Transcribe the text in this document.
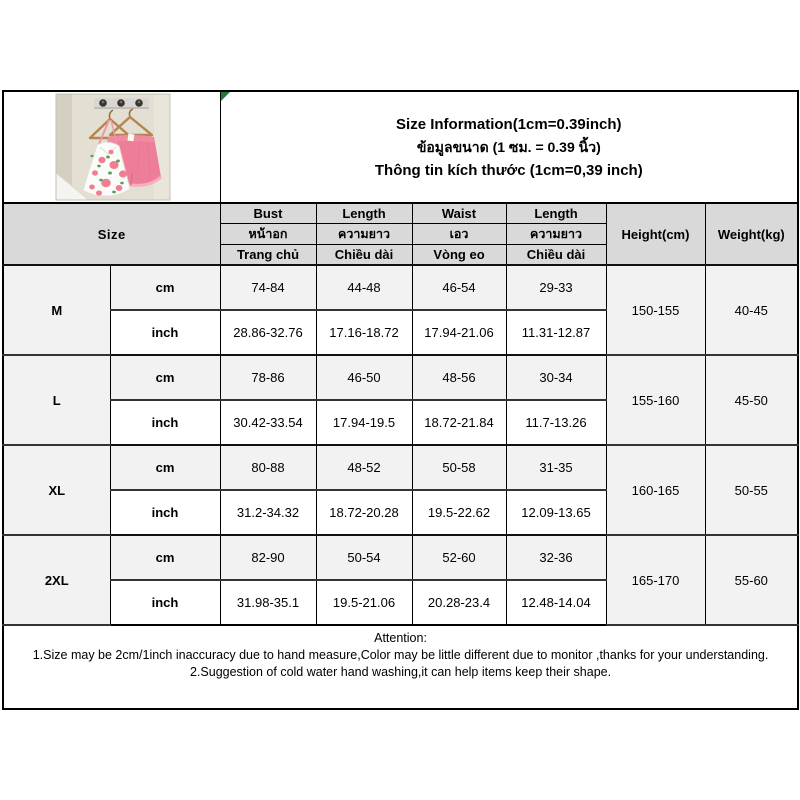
Size Information(1cm=0.39inch)
ข้อมูลขนาด (1 ซม. = 0.39 นิ้ว)
Thông tin kích thước (1cm=0,39 inch)					

Size		Bust	Length	Waist	Length	Height(cm)	Weight(kg)
		หน้าอก	ความยาว	เอว	ความยาว		
		Trang chủ	Chiều dài	Vòng eo	Chiều dài		
M	cm	74-84	44-48	46-54	29-33	150-155	40-45
	inch	28.86-32.76	17.16-18.72	17.94-21.06	11.31-12.87		
L	cm	78-86	46-50	48-56	30-34	155-160	45-50
	inch	30.42-33.54	17.94-19.5	18.72-21.84	11.7-13.26		
XL	cm	80-88	48-52	50-58	31-35	160-165	50-55
	inch	31.2-34.32	18.72-20.28	19.5-22.62	12.09-13.65		
2XL	cm	82-90	50-54	52-60	32-36	165-170	55-60
	inch	31.98-35.1	19.5-21.06	20.28-23.4	12.48-14.04		

Attention:
1.Size may be 2cm/1inch inaccuracy due to hand measure,Color may be little different due to monitor ,thanks for your understanding.
2.Suggestion of cold water hand washing,it can help items keep their shape.							
